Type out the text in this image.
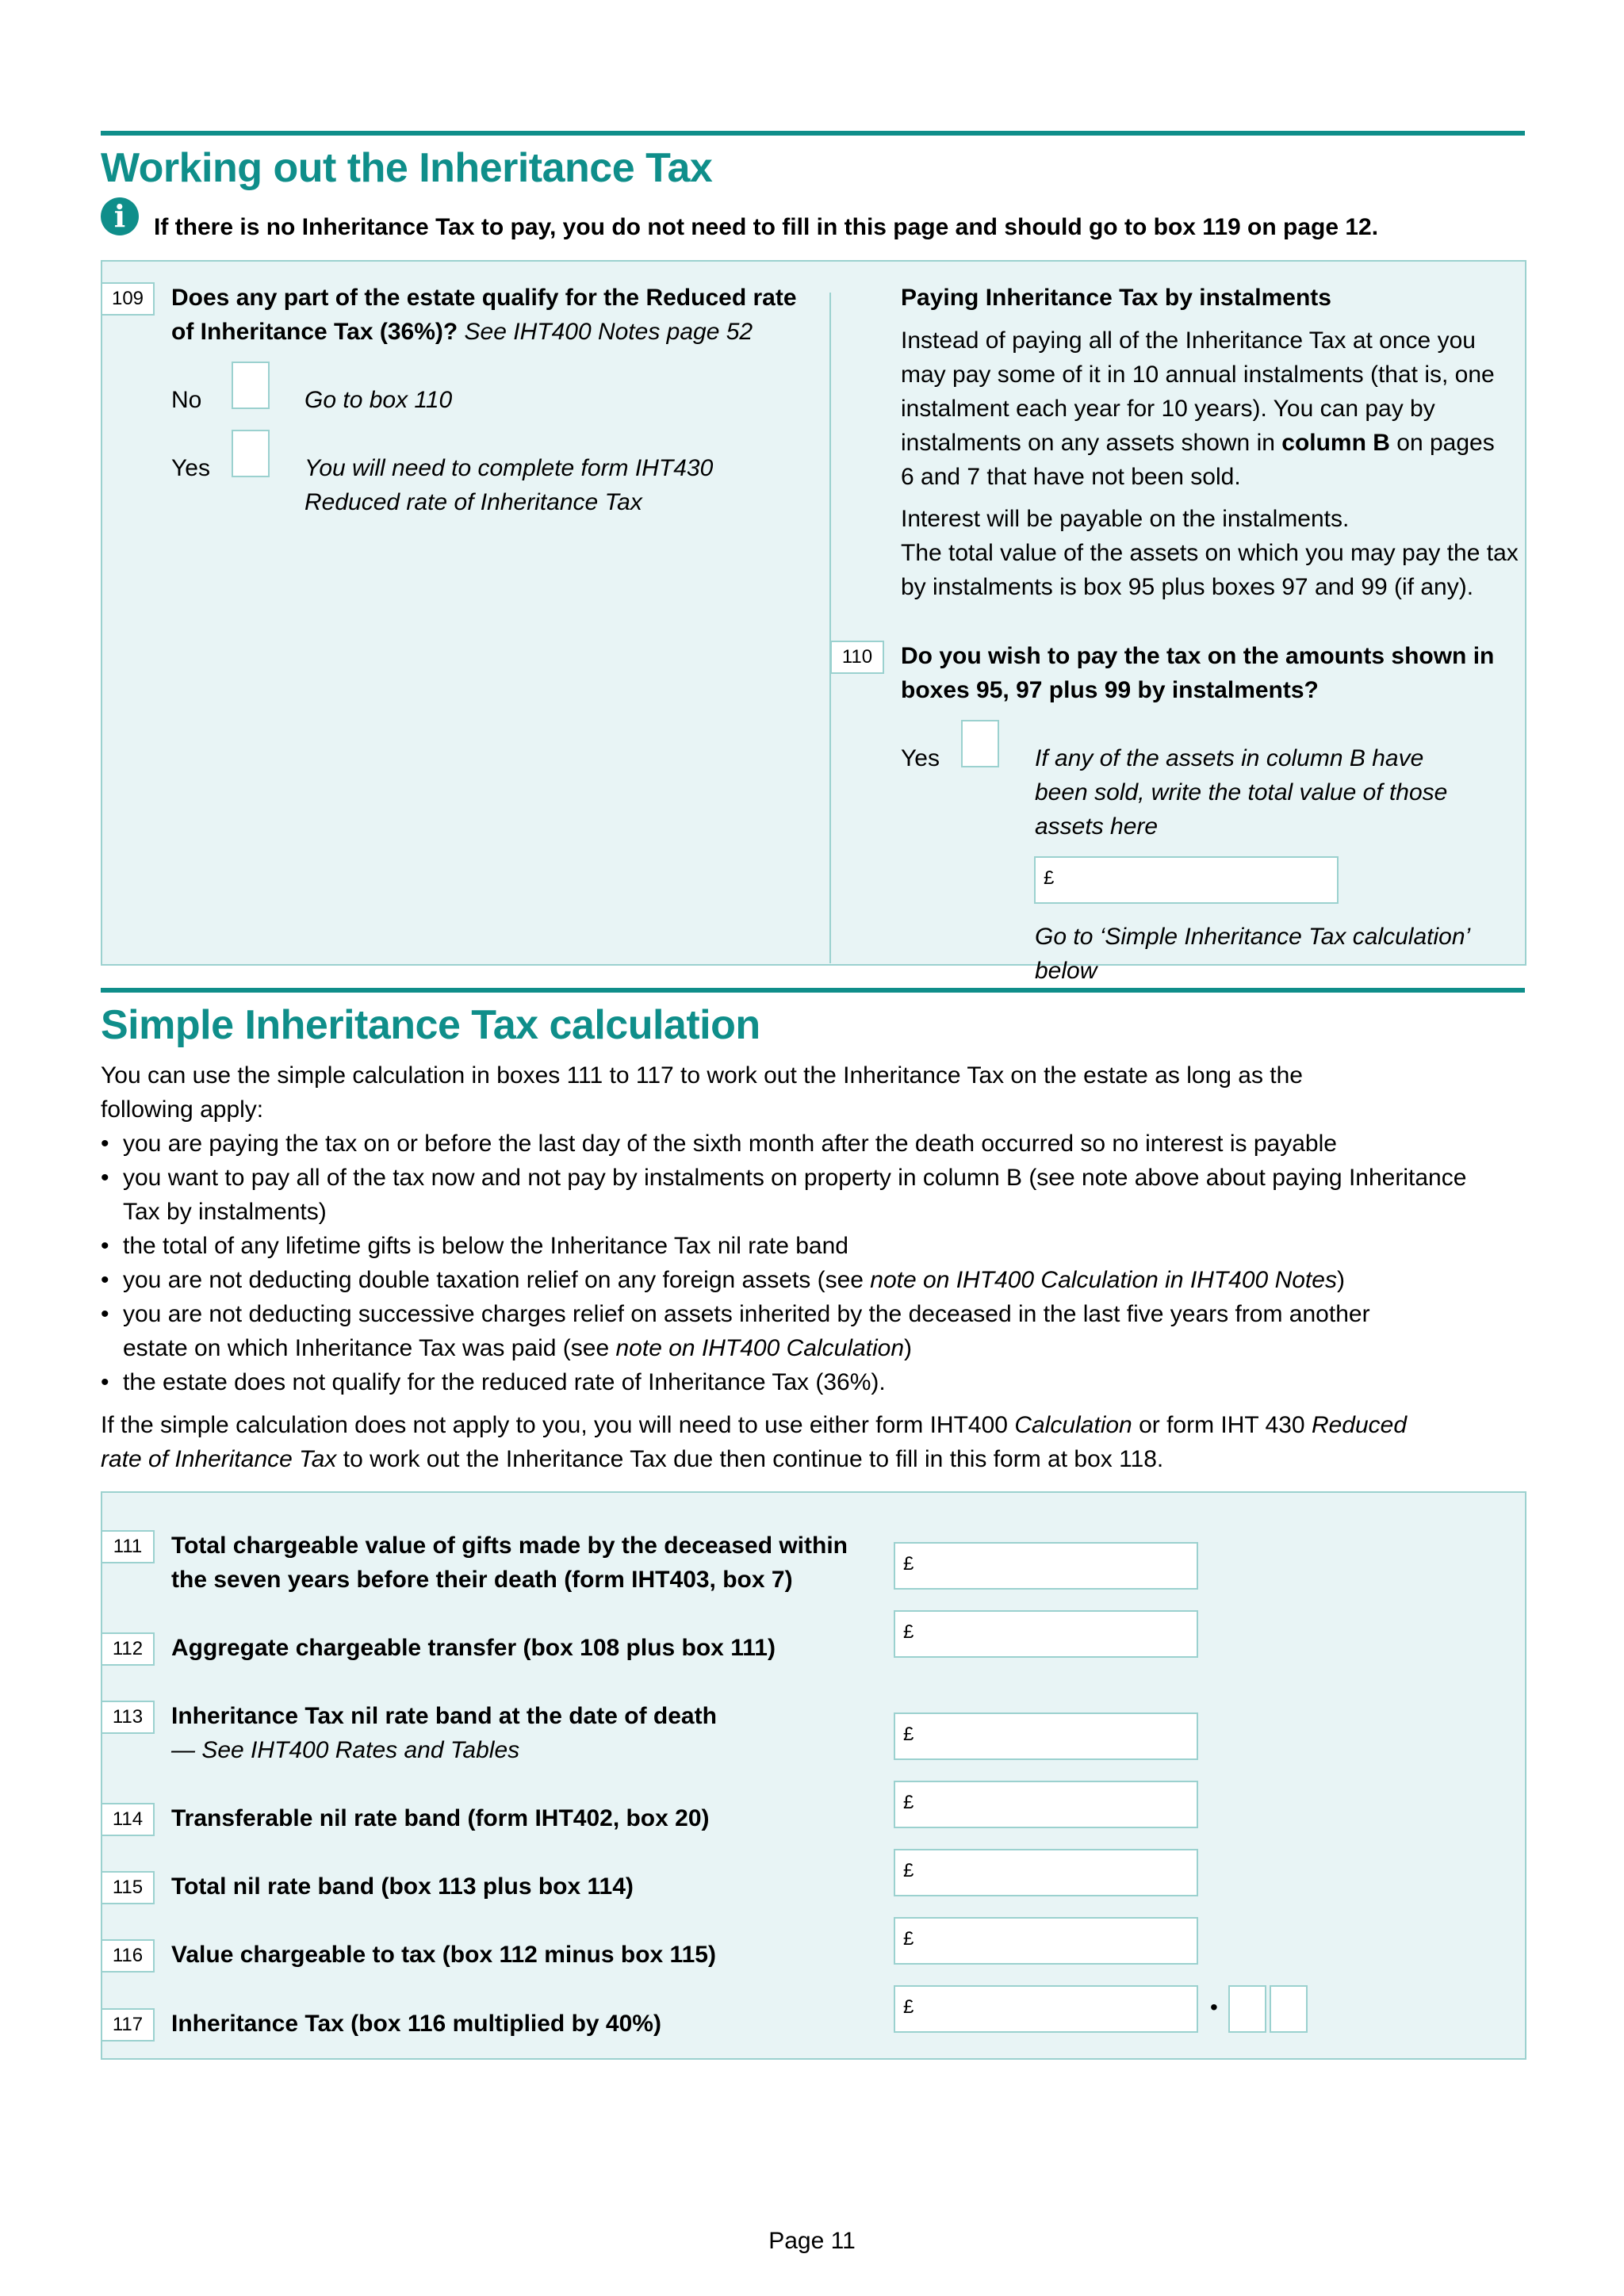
Working out the Inheritance Tax
i	If there is no Inheritance Tax to pay, you do not need to fill in this page and should go to box 119 on page 12.
109	Does any part of the estate qualify for the Reduced rate of Inheritance Tax (36%)? See IHT400 Notes page 52
No	Go to box 110
Yes	You will need to complete form IHT430
Reduced rate of Inheritance Tax
Paying Inheritance Tax by instalments
Instead of paying all of the Inheritance Tax at once you may pay some of it in 10 annual instalments (that is, one instalment each year for 10 years). You can pay by instalments on any assets shown in column B on pages 6 and 7 that have not been sold.
Interest will be payable on the instalments.
The total value of the assets on which you may pay the tax by instalments is box 95 plus boxes 97 and 99 (if any).
110	Do you wish to pay the tax on the amounts shown in boxes 95, 97 plus 99 by instalments?
Yes	If any of the assets in column B have been sold, write the total value of those assets here
£
Go to ‘Simple Inheritance Tax calculation’ below
Simple Inheritance Tax calculation
You can use the simple calculation in boxes 111 to 117 to work out the Inheritance Tax on the estate as long as the following apply:
• you are paying the tax on or before the last day of the sixth month after the death occurred so no interest is payable
• you want to pay all of the tax now and not pay by instalments on property in column B (see note above about paying Inheritance Tax by instalments)
• the total of any lifetime gifts is below the Inheritance Tax nil rate band
• you are not deducting double taxation relief on any foreign assets (see note on IHT400 Calculation in IHT400 Notes)
• you are not deducting successive charges relief on assets inherited by the deceased in the last five years from another estate on which Inheritance Tax was paid (see note on IHT400 Calculation)
• the estate does not qualify for the reduced rate of Inheritance Tax (36%).
If the simple calculation does not apply to you, you will need to use either form IHT400 Calculation or form IHT 430 Reduced rate of Inheritance Tax to work out the Inheritance Tax due then continue to fill in this form at box 118.
111	Total chargeable value of gifts made by the deceased within the seven years before their death (form IHT403, box 7)
£
112	Aggregate chargeable transfer (box 108 plus box 111)
£
113	Inheritance Tax nil rate band at the date of death
— See IHT400 Rates and Tables
£
114	Transferable nil rate band (form IHT402, box 20)
£
115	Total nil rate band (box 113 plus box 114)
£
116	Value chargeable to tax (box 112 minus box 115)
£
117	Inheritance Tax (box 116 multiplied by 40%)
£	•
Page 11
